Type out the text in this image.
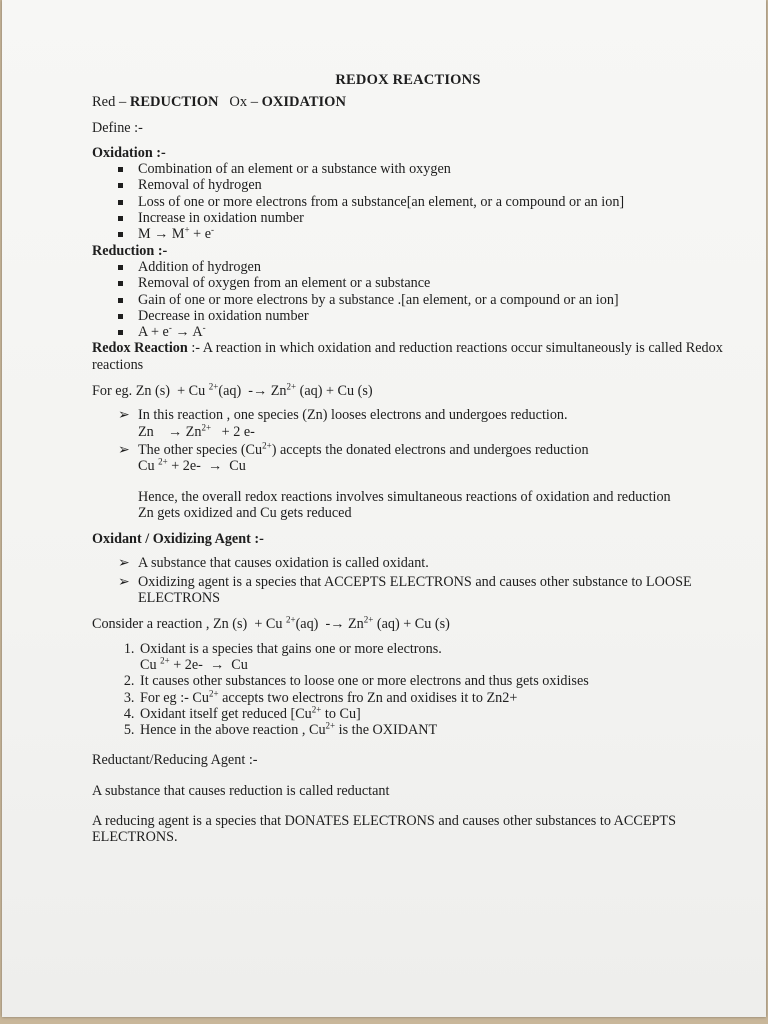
REDOX REACTIONS
Red – REDUCTION Ox – OXIDATION
Define :-
Oxidation :-
Combination of an element or a substance with oxygen
Removal of hydrogen
Loss of one or more electrons from a substance[an element, or a compound or an ion]
Increase in oxidation number
M → M+ + e-
Reduction :-
Addition of hydrogen
Removal of oxygen from an element or a substance
Gain of one or more electrons by a substance .[an element, or a compound or an ion]
Decrease in oxidation number
A + e- → A-
Redox Reaction :- A reaction in which oxidation and reduction reactions occur simultaneously is called Redox reactions
For eg. Zn (s)  + Cu $^{2+}(aq) -\to Zn^{2+}$ (aq) + Cu (s)
➢ In this reaction , one species (Zn) looses electrons and undergoes reduction.
Zn    → $Zn^{2+} + 2$ e-
➢ The other species $(Cu^{2+})$ accepts the donated electrons and undergoes reduction
Cu $^{2+}$ + 2e-  →  Cu
Hence, the overall redox reactions involves simultaneous reactions of oxidation and reduction
Zn gets oxidized and Cu gets reduced
Oxidant / Oxidizing Agent :-
➢ A substance that causes oxidation is called oxidant.
➢ Oxidizing agent is a species that ACCEPTS ELECTRONS and causes other substance to LOOSE ELECTRONS
Consider a reaction , Zn (s)  + Cu $^{2+}(aq) -\to Zn^{2+}$ (aq) + Cu (s)
1. Oxidant is a species that gains one or more electrons.
Cu $^{2+}$ + 2e-  →  Cu
2. It causes other substances to loose one or more electrons and thus gets oxidises
3. For eg :- $Cu^{2+}$ accepts two electrons fro Zn and oxidises it to Zn2+
4. Oxidant itself get reduced [$Cu^{2+}$ to Cu]
5. Hence in the above reaction , $Cu^{2+}$ is the OXIDANT
Reductant/Reducing Agent :-
A substance that causes reduction is called reductant
A reducing agent is a species that DONATES ELECTRONS and causes other substances to ACCEPTS ELECTRONS.
